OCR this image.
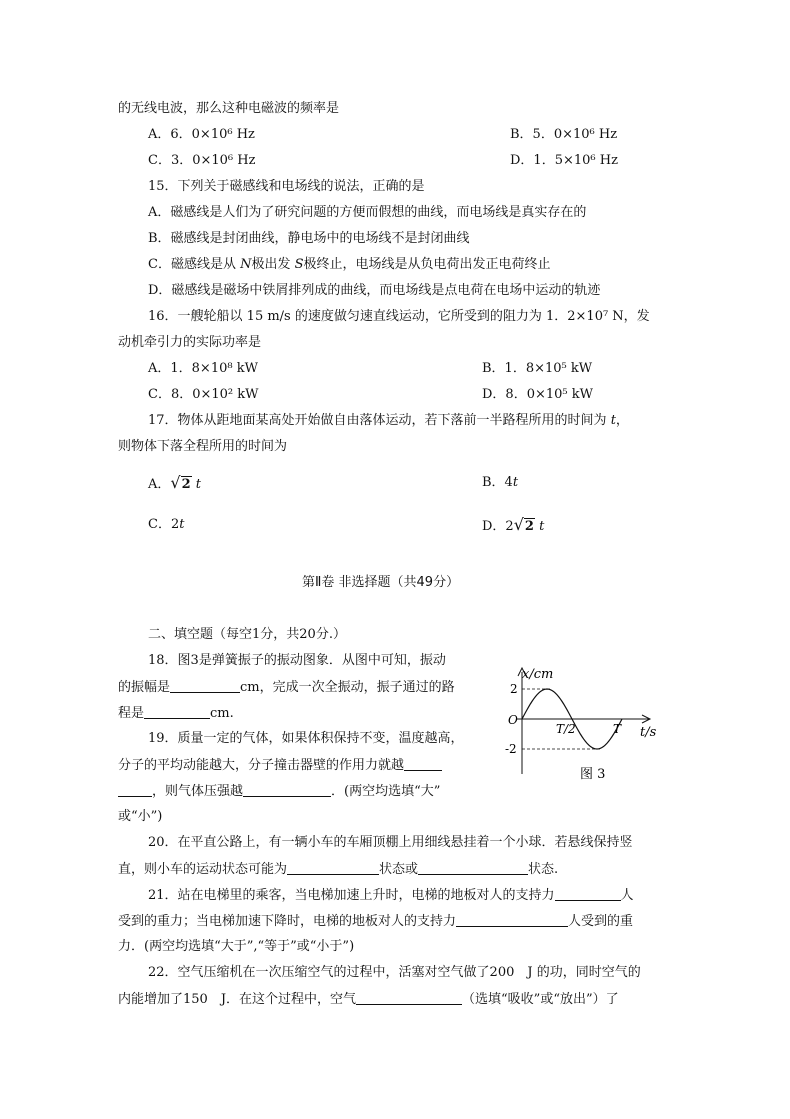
的无线电波，那么这种电磁波的频率是
A．6．0×10⁶ Hz	B．5．0×10⁶ Hz
C．3．0×10⁶ Hz	D．1．5×10⁶ Hz
15．下列关于磁感线和电场线的说法，正确的是
A．磁感线是人们为了研究问题的方便而假想的曲线，而电场线是真实存在的
B．磁感线是封闭曲线，静电场中的电场线不是封闭曲线
C．磁感线是从 N极出发 S极终止，电场线是从负电荷出发正电荷终止
D．磁感线是磁场中铁屑排列成的曲线，而电场线是点电荷在电场中运动的轨迹
16．一艘轮船以 15 m/s 的速度做匀速直线运动，它所受到的阻力为 1．2×10⁷ N，发
动机牵引力的实际功率是
A．1．8×10⁸ kW	B．1．8×10⁵ kW
C．8．0×10² kW	D．8．0×10⁵ kW
17．物体从距地面某高处开始做自由落体运动，若下落前一半路程所用的时间为 t，
则物体下落全程所用的时间为
A．√2 t	B．4t
C．2t	D．2√2 t
第Ⅱ卷 非选择题（共49分）
二、填空题（每空1分，共20分.）
18．图3是弹簧振子的振动图象．从图中可知，振动
的振幅是	cm，完成一次全振动，振子通过的路
程是	cm.
19．质量一定的气体，如果体积保持不变，温度越高，
分子的平均动能越大，分子撞击器壁的作用力就越
，则气体压强越	．(两空均选填“大”
或“小”)
x/cm
t/s
O
2
-2
T/2	T
图 3
20．在平直公路上，有一辆小车的车厢顶棚上用细线悬挂着一个小球．若悬线保持竖
直，则小车的运动状态可能为	状态或	状态.
21．站在电梯里的乘客，当电梯加速上升时，电梯的地板对人的支持力	人
受到的重力；当电梯加速下降时，电梯的地板对人的支持力	人受到的重
力．(两空均选填“大于”,“等于”或“小于”)
22．空气压缩机在一次压缩空气的过程中，活塞对空气做了200　J 的功，同时空气的
内能增加了150　J．在这个过程中，空气	（选填“吸收”或“放出”）了
